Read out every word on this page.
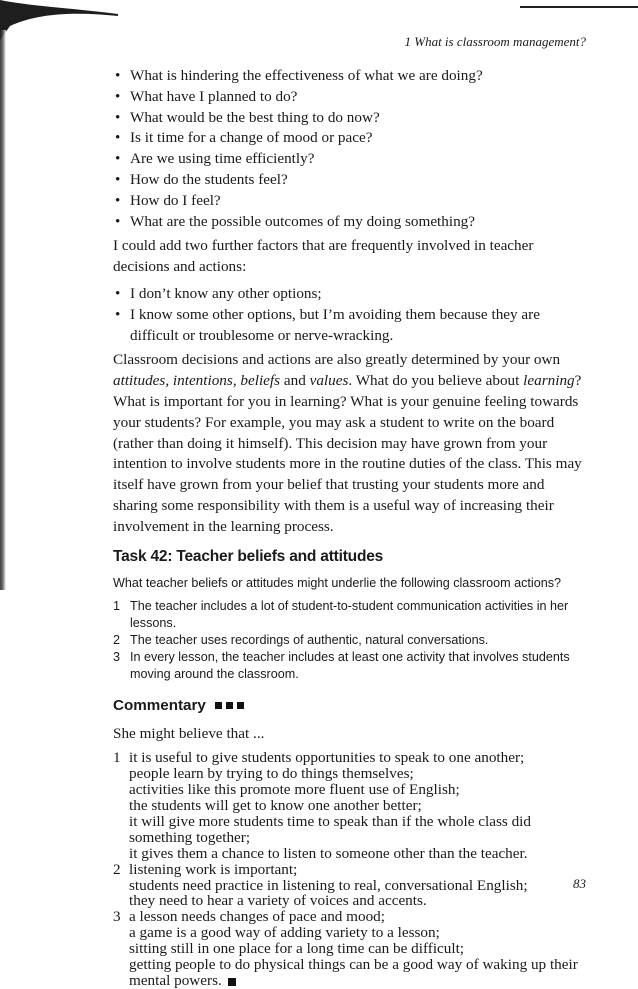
1 What is classroom management?
• What is hindering the effectiveness of what we are doing?
• What have I planned to do?
• What would be the best thing to do now?
• Is it time for a change of mood or pace?
• Are we using time efficiently?
• How do the students feel?
• How do I feel?
• What are the possible outcomes of my doing something?

I could add two further factors that are frequently involved in teacher decisions and actions:

• I don’t know any other options;
• I know some other options, but I’m avoiding them because they are difficult or troublesome or nerve-wracking.

Classroom decisions and actions are also greatly determined by your own attitudes, intentions, beliefs and values. What do you believe about learning? What is important for you in learning? What is your genuine feeling towards your students? For example, you may ask a student to write on the board (rather than doing it himself). This decision may have grown from your intention to involve students more in the routine duties of the class. This may itself have grown from your belief that trusting your students more and sharing some responsibility with them is a useful way of increasing their involvement in the learning process.

Task 42: Teacher beliefs and attitudes

What teacher beliefs or attitudes might underlie the following classroom actions?

1 The teacher includes a lot of student-to-student communication activities in her lessons.
2 The teacher uses recordings of authentic, natural conversations.
3 In every lesson, the teacher includes at least one activity that involves students moving around the classroom.
Commentary

She might believe that ...

1 it is useful to give students opportunities to speak to one another;
people learn by trying to do things themselves;
activities like this promote more fluent use of English;
the students will get to know one another better;
it will give more students time to speak than if the whole class did something together;
it gives them a chance to listen to someone other than the teacher.
2 listening work is important;
students need practice in listening to real, conversational English;
they need to hear a variety of voices and accents.
3 a lesson needs changes of pace and mood;
a game is a good way of adding variety to a lesson;
sitting still in one place for a long time can be difficult;
getting people to do physical things can be a good way of waking up their mental powers.
83
